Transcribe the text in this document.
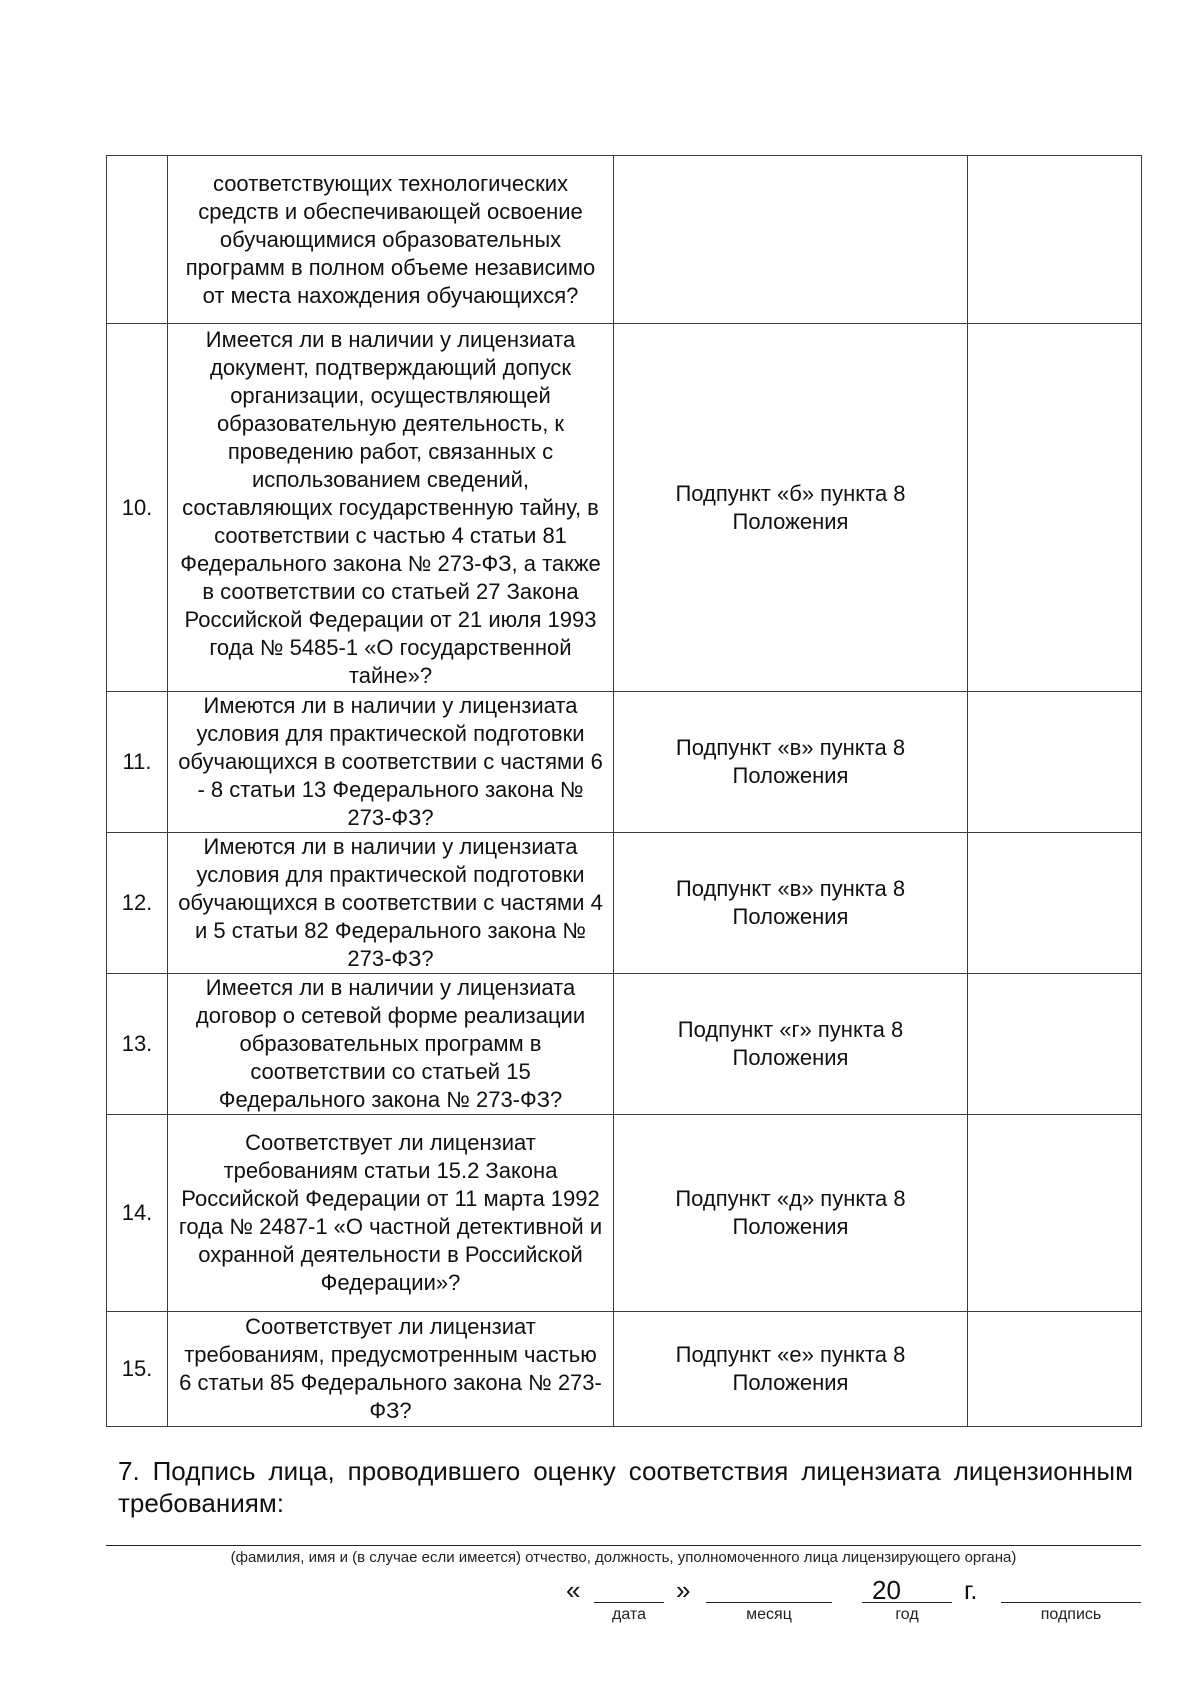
	соответствующих технологических средств и обеспечивающей освоение обучающимися образовательных программ в полном объеме независимо от места нахождения обучающихся?		
10.	Имеется ли в наличии у лицензиата документ, подтверждающий допуск организации, осуществляющей образовательную деятельность, к проведению работ, связанных с использованием сведений, составляющих государственную тайну, в соответствии с частью 4 статьи 81 Федерального закона № 273-ФЗ, а также в соответствии со статьей 27 Закона Российской Федерации от 21 июля 1993 года № 5485-1 «О государственной тайне»?	Подпункт «б» пункта 8 Положения	
11.	Имеются ли в наличии у лицензиата условия для практической подготовки обучающихся в соответствии с частями 6 - 8 статьи 13 Федерального закона № 273-ФЗ?	Подпункт «в» пункта 8 Положения	
12.	Имеются ли в наличии у лицензиата условия для практической подготовки обучающихся в соответствии с частями 4 и 5 статьи 82 Федерального закона № 273-ФЗ?	Подпункт «в» пункта 8 Положения	
13.	Имеется ли в наличии у лицензиата договор о сетевой форме реализации образовательных программ в соответствии со статьей 15 Федерального закона № 273-ФЗ?	Подпункт «г» пункта 8 Положения	
14.	Соответствует ли лицензиат требованиям статьи 15.2 Закона Российской Федерации от 11 марта 1992 года № 2487-1 «О частной детективной и охранной деятельности в Российской Федерации»?	Подпункт «д» пункта 8 Положения	
15.	Соответствует ли лицензиат требованиям, предусмотренным частью 6 статьи 85 Федерального закона № 273-ФЗ?	Подпункт «е» пункта 8 Положения	

7. Подпись лица, проводившего оценку соответствия лицензиата лицензионным требованиям:

(фамилия, имя и (в случае если имеется) отчество, должность, уполномоченного лица лицензирующего органа)

«
дата
»
месяц
20
год
г.
подпись
